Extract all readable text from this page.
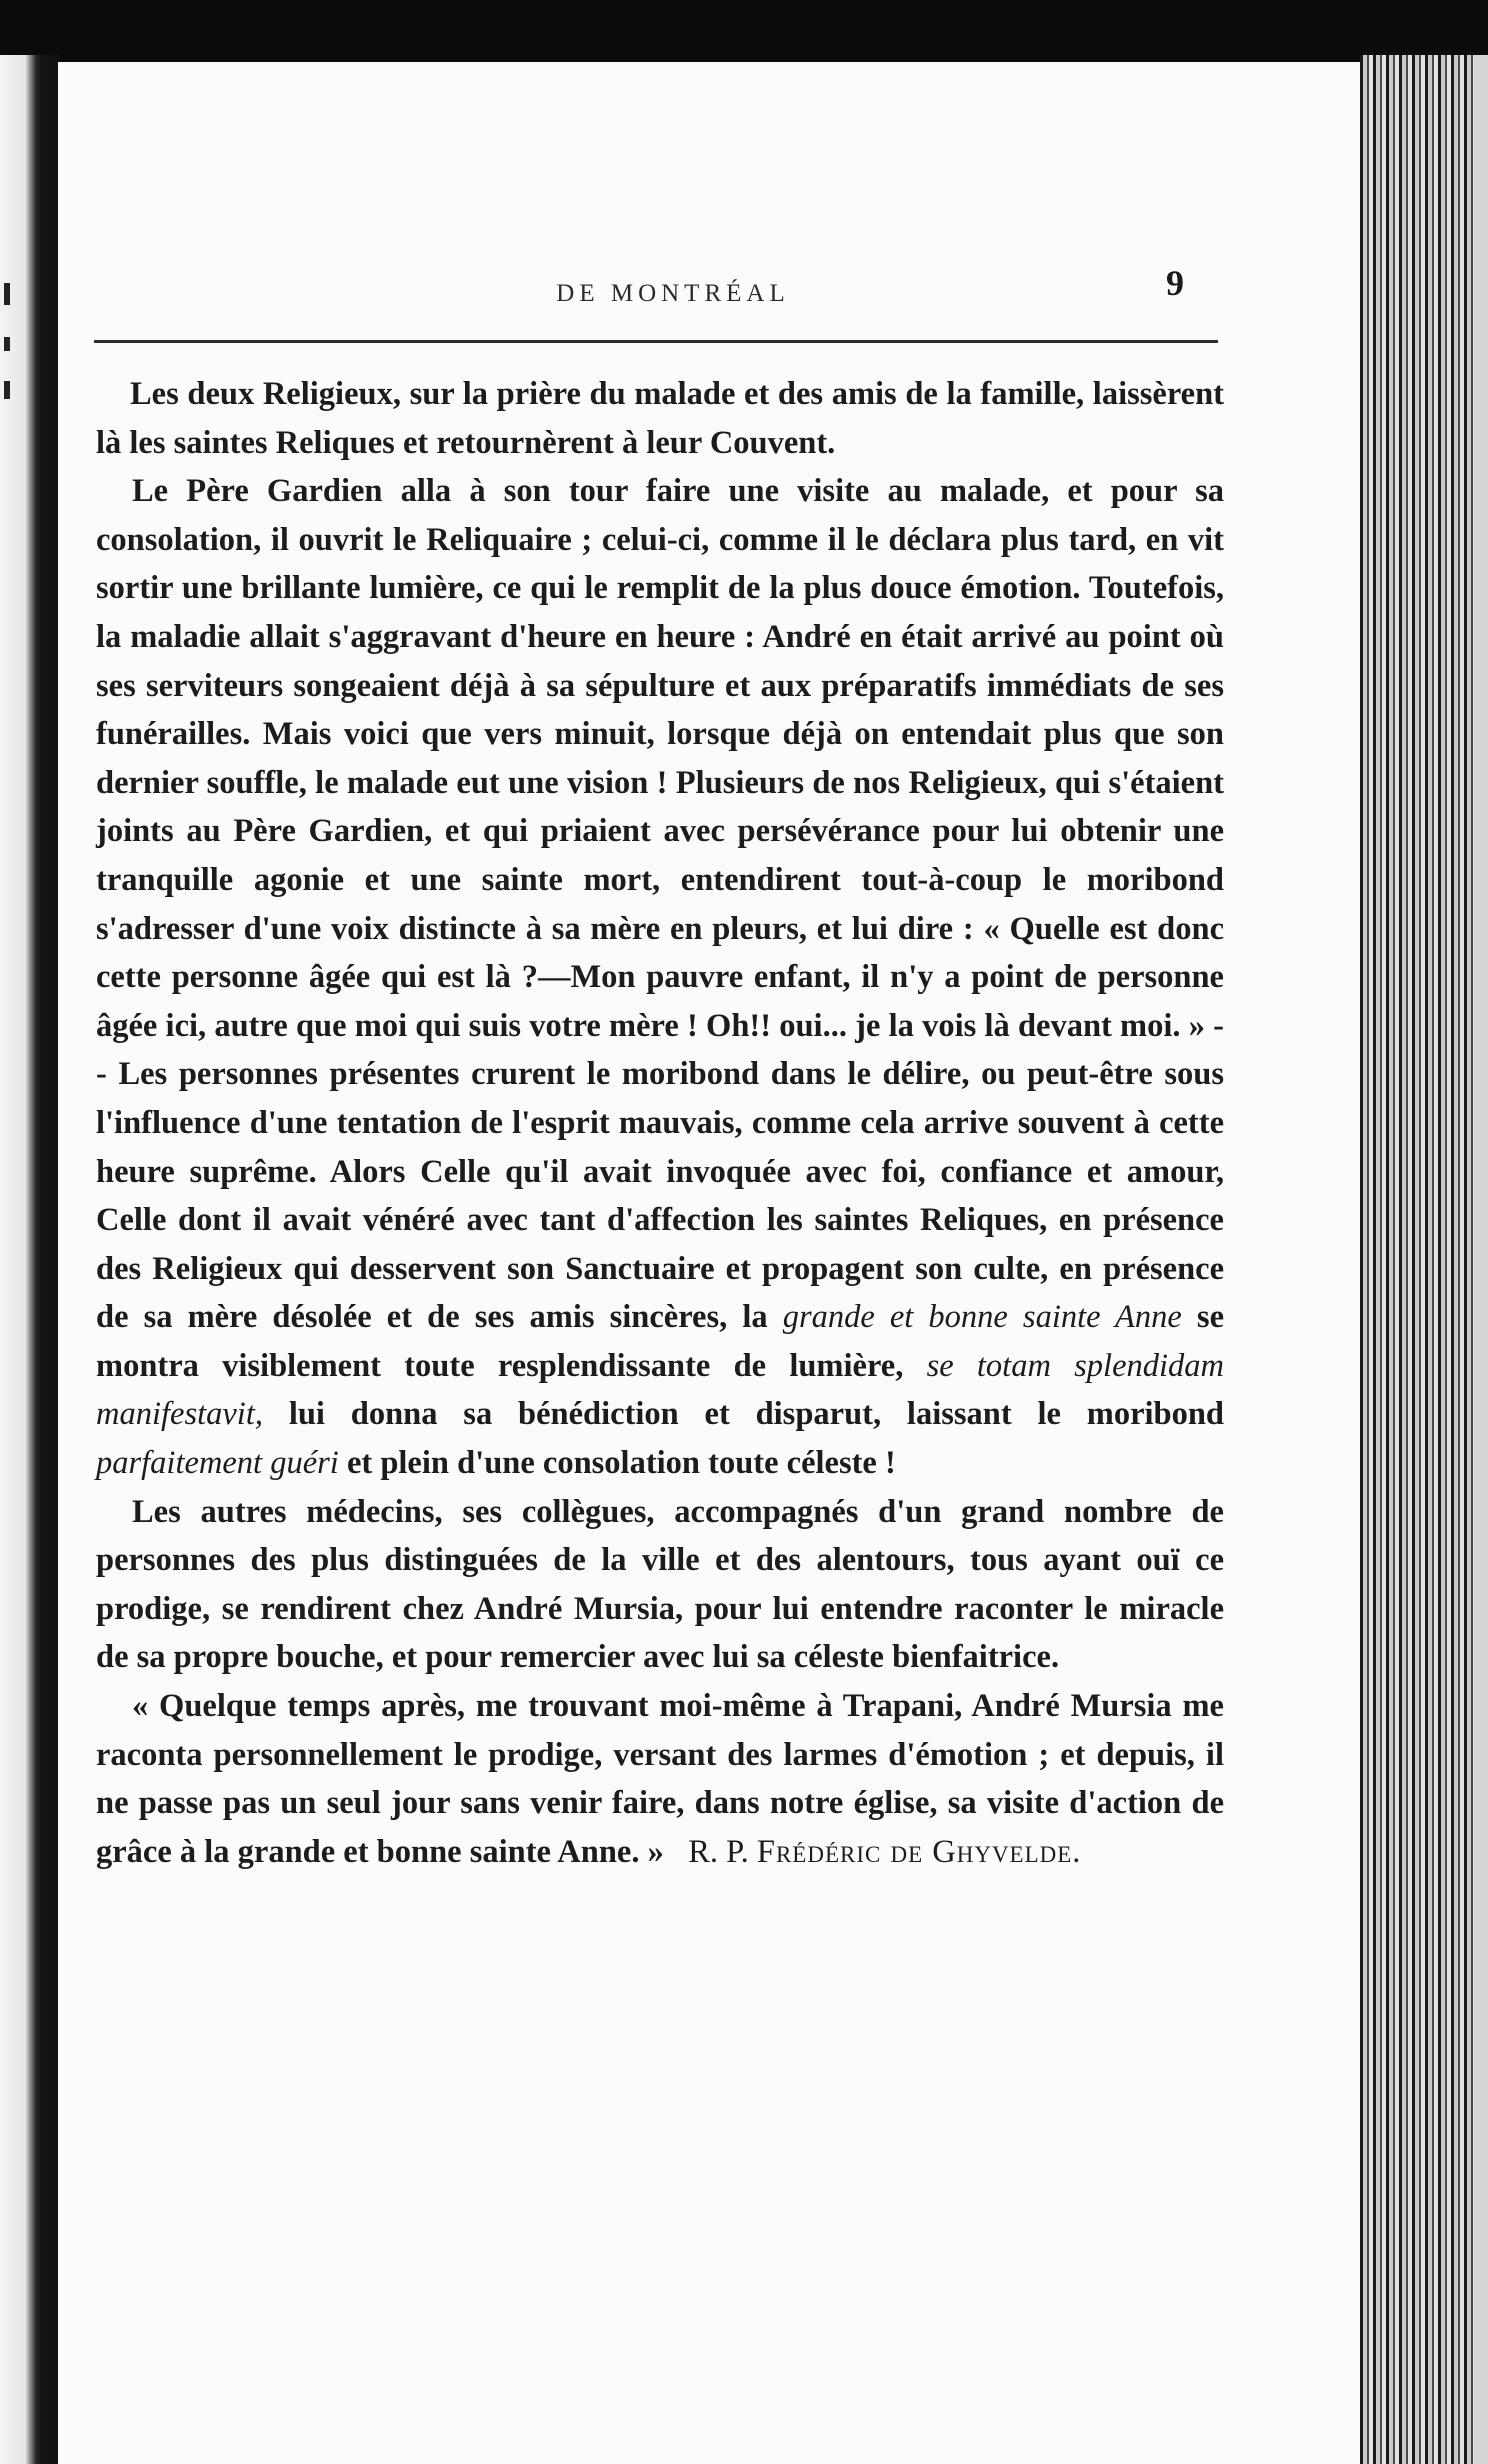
DE MONTRÉAL	9

Les deux Religieux, sur la prière du malade et des amis de la famille, laissèrent là les saintes Reliques et retournèrent à leur Couvent.

Le Père Gardien alla à son tour faire une visite au malade, et pour sa consolation, il ouvrit le Reliquaire ; celui-ci, comme il le déclara plus tard, en vit sortir une brillante lumière, ce qui le remplit de la plus douce émotion. Toutefois, la maladie allait s'aggravant d'heure en heure : André en était arrivé au point où ses serviteurs songeaient déjà à sa sépulture et aux préparatifs immédiats de ses funérailles. Mais voici que vers minuit, lorsque déjà on entendait plus que son dernier souffle, le malade eut une vision ! Plusieurs de nos Religieux, qui s'étaient joints au Père Gardien, et qui priaient avec persévérance pour lui obtenir une tranquille agonie et une sainte mort, entendirent tout-à-coup le moribond s'adresser d'une voix distincte à sa mère en pleurs, et lui dire : « Quelle est donc cette personne âgée qui est là ?—Mon pauvre enfant, il n'y a point de personne âgée ici, autre que moi qui suis votre mère ! Oh!! oui... je la vois là devant moi. » -- Les personnes présentes crurent le moribond dans le délire, ou peut-être sous l'influence d'une tentation de l'esprit mauvais, comme cela arrive souvent à cette heure suprême. Alors Celle qu'il avait invoquée avec foi, confiance et amour, Celle dont il avait vénéré avec tant d'affection les saintes Reliques, en présence des Religieux qui desservent son Sanctuaire et propagent son culte, en présence de sa mère désolée et de ses amis sincères, la grande et bonne sainte Anne se montra visiblement toute resplendissante de lumière, se totam splendidam manifestavit, lui donna sa bénédiction et disparut, laissant le moribond parfaitement guéri et plein d'une consolation toute céleste !

Les autres médecins, ses collègues, accompagnés d'un grand nombre de personnes des plus distinguées de la ville et des alentours, tous ayant ouï ce prodige, se rendirent chez André Mursia, pour lui entendre raconter le miracle de sa propre bouche, et pour remercier avec lui sa céleste bienfaitrice.

« Quelque temps après, me trouvant moi-même à Trapani, André Mursia me raconta personnellement le prodige, versant des larmes d'émotion ; et depuis, il ne passe pas un seul jour sans venir faire, dans notre église, sa visite d'action de grâce à la grande et bonne sainte Anne. » R. P. Frédéric de Ghyvelde.
